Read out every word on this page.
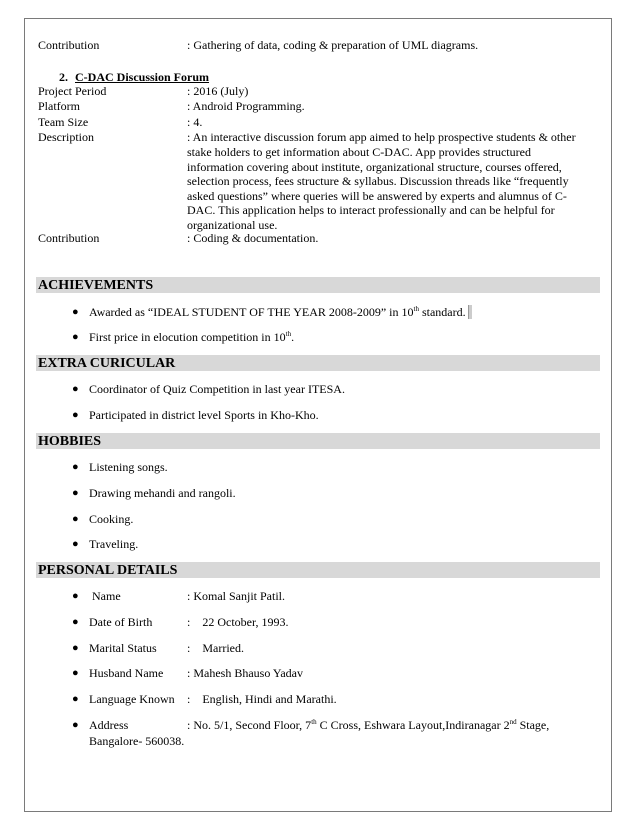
Contribution	: Gathering of data, coding & preparation of UML diagrams.
2. C-DAC Discussion Forum
Project Period	: 2016 (July)
Platform	: Android Programming.
Team Size	: 4.
Description	: An interactive discussion forum app aimed to help prospective students & other
stake holders to get information about C-DAC. App provides structured
information covering about institute, organizational structure, courses offered,
selection process, fees structure & syllabus. Discussion threads like “frequently
asked questions” where queries will be answered by experts and alumnus of C-
DAC. This application helps to interact professionally and can be helpful for
organizational use.
Contribution	: Coding & documentation.
ACHIEVEMENTS
● Awarded as “IDEAL STUDENT OF THE YEAR 2008-2009” in 10th standard.
● First price in elocution competition in 10th.
EXTRA CURICULAR
● Coordinator of Quiz Competition in last year ITESA.
● Participated in district level Sports in Kho-Kho.
HOBBIES
● Listening songs.
● Drawing mehandi and rangoli.
● Cooking.
● Traveling.
PERSONAL DETAILS
● Name	: Komal Sanjit Patil.
● Date of Birth	:    22 October, 1993.
● Marital Status	:    Married.
● Husband Name : Mahesh Bhauso Yadav
● Language Known :    English, Hindi and Marathi.
● Address	: No. 5/1, Second Floor, 7th C Cross, Eshwara Layout,Indiranagar 2nd Stage,
Bangalore- 560038.
